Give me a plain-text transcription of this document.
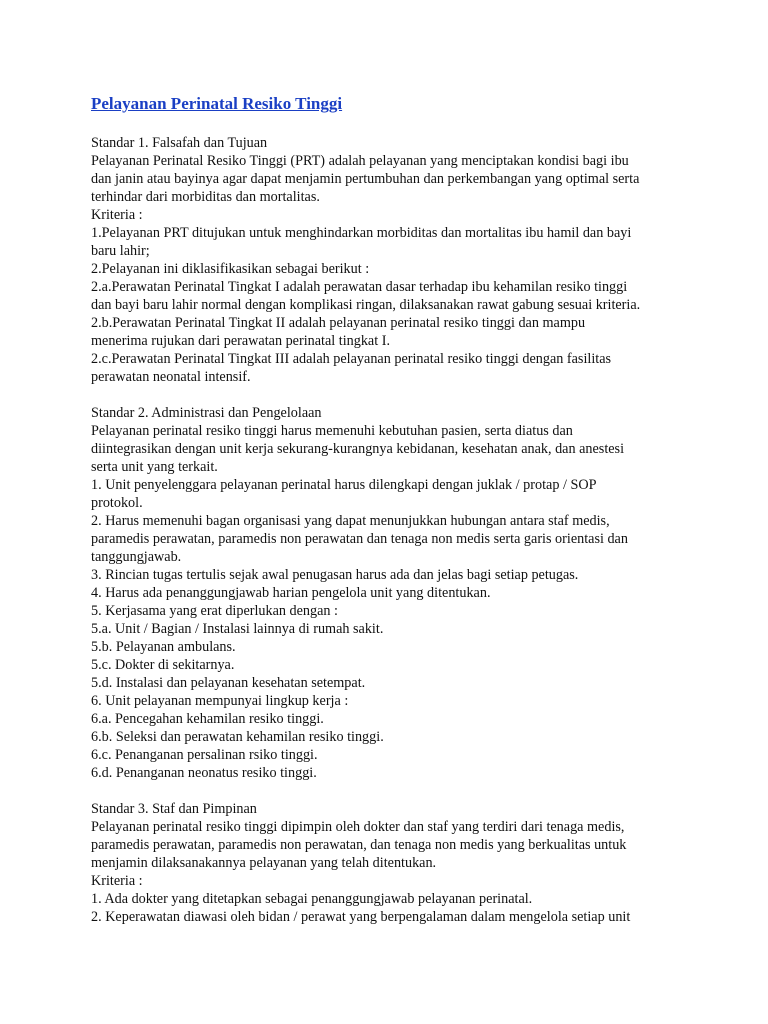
Pelayanan Perinatal Resiko Tinggi
Standar 1. Falsafah dan Tujuan
Pelayanan Perinatal Resiko Tinggi (PRT) adalah pelayanan yang menciptakan kondisi bagi ibu
dan janin atau bayinya agar dapat menjamin pertumbuhan dan perkembangan yang optimal serta
terhindar dari morbiditas dan mortalitas.
Kriteria :
1.Pelayanan PRT ditujukan untuk menghindarkan morbiditas dan mortalitas ibu hamil dan bayi
baru lahir;
2.Pelayanan ini diklasifikasikan sebagai berikut :
2.a.Perawatan Perinatal Tingkat I adalah perawatan dasar terhadap ibu kehamilan resiko tinggi
dan bayi baru lahir normal dengan komplikasi ringan, dilaksanakan rawat gabung sesuai kriteria.
2.b.Perawatan Perinatal Tingkat II adalah pelayanan perinatal resiko tinggi dan mampu
menerima rujukan dari perawatan perinatal tingkat I.
2.c.Perawatan Perinatal Tingkat III adalah pelayanan perinatal resiko tinggi dengan fasilitas
perawatan neonatal intensif.
Standar 2. Administrasi dan Pengelolaan
Pelayanan perinatal resiko tinggi harus memenuhi kebutuhan pasien, serta diatus dan
diintegrasikan dengan unit kerja sekurang-kurangnya kebidanan, kesehatan anak, dan anestesi
serta unit yang terkait.
1. Unit penyelenggara pelayanan perinatal harus dilengkapi dengan juklak / protap / SOP
protokol.
2. Harus memenuhi bagan organisasi yang dapat menunjukkan hubungan antara staf medis,
paramedis perawatan, paramedis non perawatan dan tenaga non medis serta garis orientasi dan
tanggungjawab.
3. Rincian tugas tertulis sejak awal penugasan harus ada dan jelas bagi setiap petugas.
4. Harus ada penanggungjawab harian pengelola unit yang ditentukan.
5. Kerjasama yang erat diperlukan dengan :
5.a. Unit / Bagian / Instalasi lainnya di rumah sakit.
5.b. Pelayanan ambulans.
5.c. Dokter di sekitarnya.
5.d. Instalasi dan pelayanan kesehatan setempat.
6. Unit pelayanan mempunyai lingkup kerja :
6.a. Pencegahan kehamilan resiko tinggi.
6.b. Seleksi dan perawatan kehamilan resiko tinggi.
6.c. Penanganan persalinan rsiko tinggi.
6.d. Penanganan neonatus resiko tinggi.
Standar 3. Staf dan Pimpinan
Pelayanan perinatal resiko tinggi dipimpin oleh dokter dan staf yang terdiri dari tenaga medis,
paramedis perawatan, paramedis non perawatan, dan tenaga non medis yang berkualitas untuk
menjamin dilaksanakannya pelayanan yang telah ditentukan.
Kriteria :
1. Ada dokter yang ditetapkan sebagai penanggungjawab pelayanan perinatal.
2. Keperawatan diawasi oleh bidan / perawat yang berpengalaman dalam mengelola setiap unit
